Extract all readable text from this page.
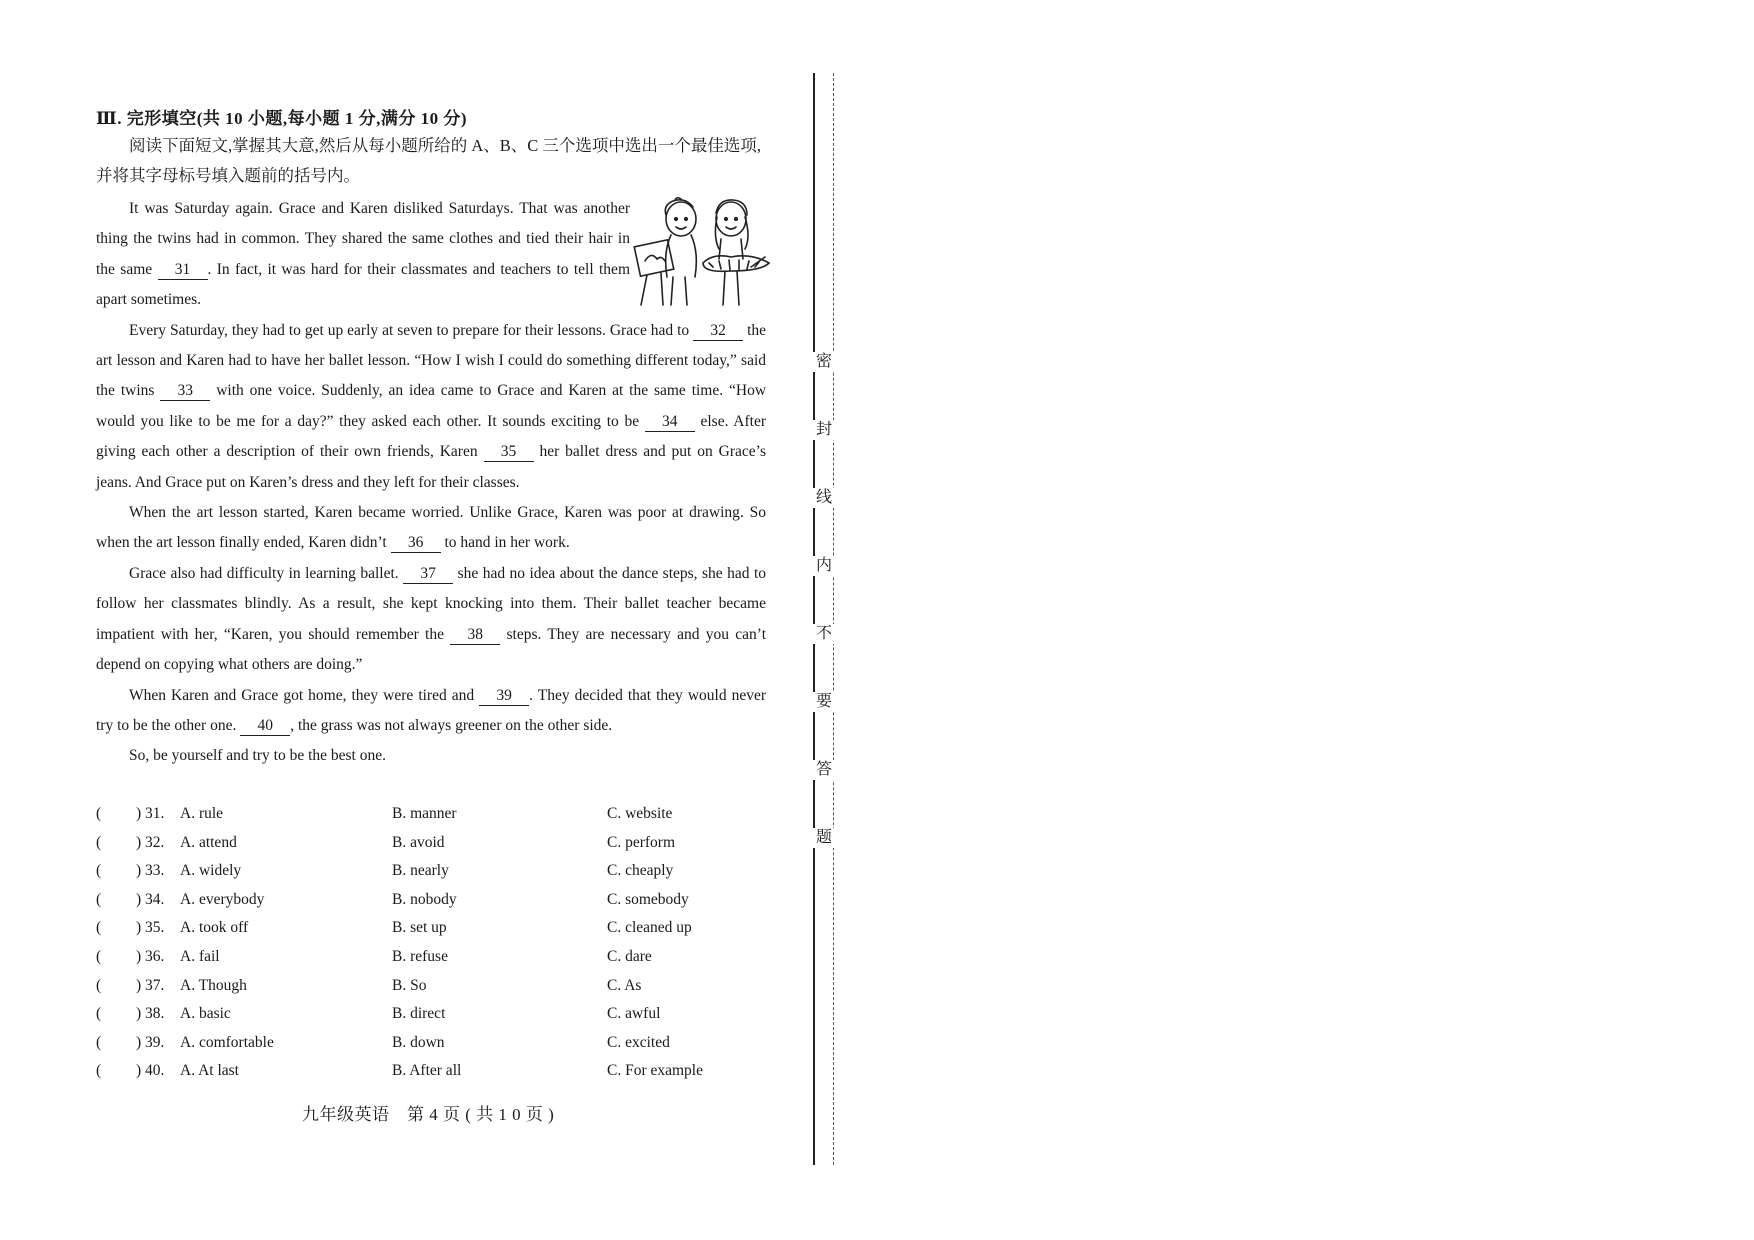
Ⅲ. 完形填空(共 10 小题,每小题 1 分,满分 10 分)

阅读下面短文,掌握其大意,然后从每小题所给的 A、B、C 三个选项中选出一个最佳选项,

并将其字母标号填入题前的括号内。

It was Saturday again. Grace and Karen disliked Saturdays. That was another thing the twins had in common. They shared the same clothes and tied their hair in the same 31 . In fact, it was hard for their classmates and teachers to tell them apart sometimes.

Every Saturday, they had to get up early at seven to prepare for their lessons. Grace had to 32 the art lesson and Karen had to have her ballet lesson. “How I wish I could do something different today,” said the twins 33 with one voice. Suddenly, an idea came to Grace and Karen at the same time. “How would you like to be me for a day?” they asked each other. It sounds exciting to be 34 else. After giving each other a description of their own friends, Karen 35 her ballet dress and put on Grace’s jeans. And Grace put on Karen’s dress and they left for their classes.

When the art lesson started, Karen became worried. Unlike Grace, Karen was poor at drawing. So when the art lesson finally ended, Karen didn’t 36 to hand in her work.

Grace also had difficulty in learning ballet. 37 she had no idea about the dance steps, she had to follow her classmates blindly. As a result, she kept knocking into them. Their ballet teacher became impatient with her, “Karen, you should remember the 38 steps. They are necessary and you can’t depend on copying what others are doing.”

When Karen and Grace got home, they were tired and 39 . They decided that they would never try to be the other one. 40 , the grass was not always greener on the other side.

So, be yourself and try to be the best one.

( ) 31. A. rule	B. manner	C. website
( ) 32. A. attend	B. avoid	C. perform
( ) 33. A. widely	B. nearly	C. cheaply
( ) 34. A. everybody	B. nobody	C. somebody
( ) 35. A. took off	B. set up	C. cleaned up
( ) 36. A. fail	B. refuse	C. dare
( ) 37. A. Though	B. So	C. As
( ) 38. A. basic	B. direct	C. awful
( ) 39. A. comfortable	B. down	C. excited
( ) 40. A. At last	B. After all	C. For example
九年级英语　第 4 页 ( 共 1 0 页 )
密
封
线
内
不
要
答
题
